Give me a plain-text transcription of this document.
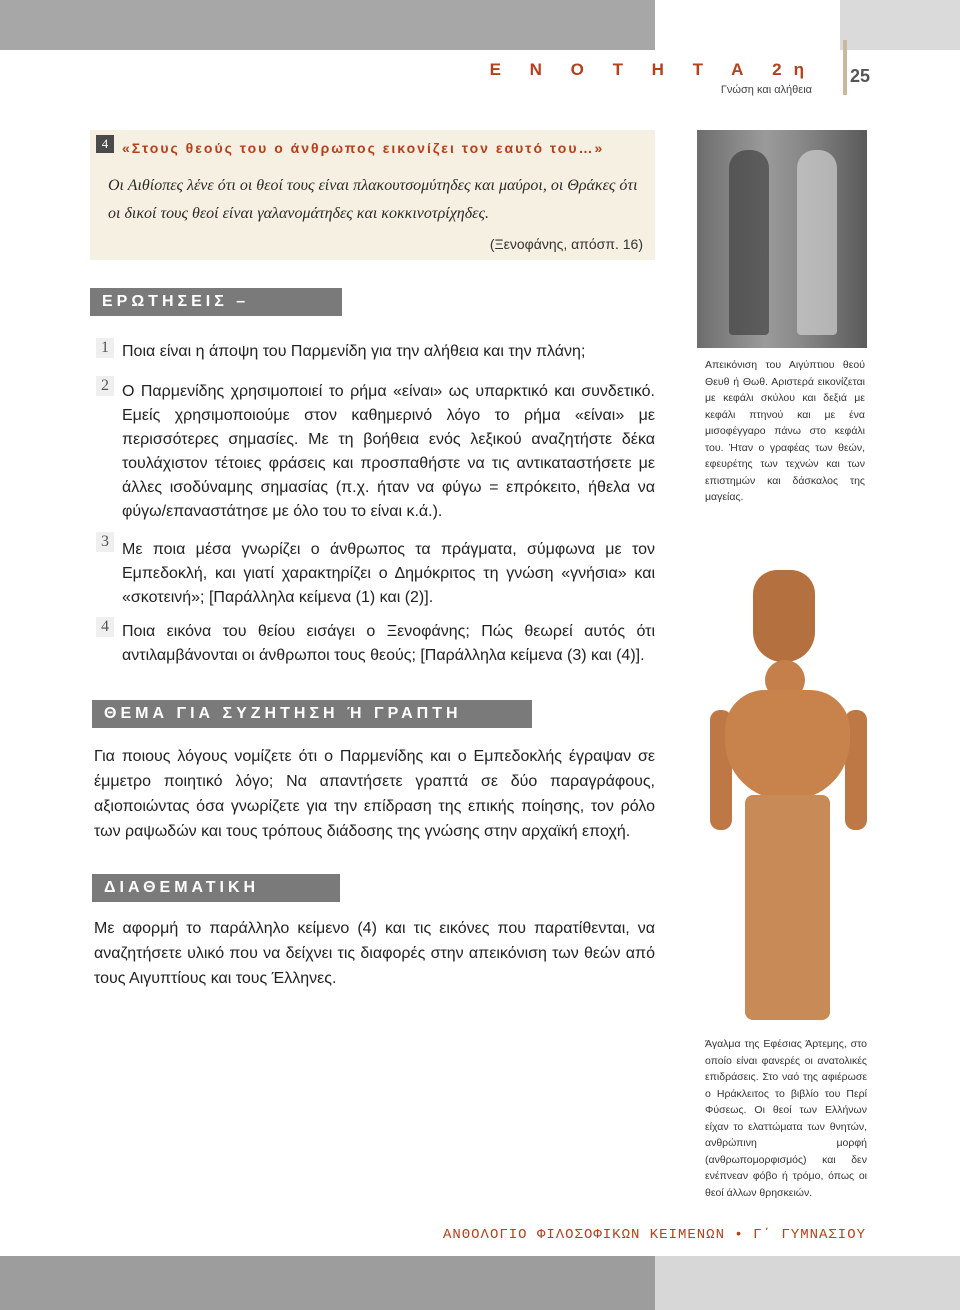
Ε Ν Ο Τ Η Τ Α 2η
Γνώση και αλήθεια
25
4 «Στους θεούς του ο άνθρωπος εικονίζει τον εαυτό του…»
Οι Αιθίοπες λένε ότι οι θεοί τους είναι πλακουτσομύτηδες και μαύροι, οι Θράκες ότι οι δικοί τους θεοί είναι γαλανομάτηδες και κοκκινοτρίχηδες.
(Ξενοφάνης, απόσπ. 16)
ΕΡΩΤΗΣΕΙΣ – ΕΡΓΑΣΙΕΣ
1 Ποια είναι η άποψη του Παρμενίδη για την αλήθεια και την πλάνη;
2 Ο Παρμενίδης χρησιμοποιεί το ρήμα «είναι» ως υπαρκτικό και συνδετικό. Εμείς χρησιμοποιούμε στον καθημερινό λόγο το ρήμα «είναι» με περισσότερες σημασίες. Με τη βοήθεια ενός λεξικού αναζητήστε δέκα τουλάχιστον τέτοιες φράσεις και προσπαθήστε να τις αντικαταστήσετε με άλλες ισοδύναμης σημασίας (π.χ. ήταν να φύγω = επρόκειτο, ήθελα να φύγω/επαναστάτησε με όλο του το είναι κ.ά.).
3 Με ποια μέσα γνωρίζει ο άνθρωπος τα πράγματα, σύμφωνα με τον Εμπεδοκλή, και γιατί χαρακτηρίζει ο Δημόκριτος τη γνώση «γνήσια» και «σκοτεινή»; [Παράλληλα κείμενα (1) και (2)].
4 Ποια εικόνα του θείου εισάγει ο Ξενοφάνης; Πώς θεωρεί αυτός ότι αντιλαμβάνονται οι άνθρωποι τους θεούς; [Παράλληλα κείμενα (3) και (4)].
ΘΕΜΑ ΓΙΑ ΣΥΖΗΤΗΣΗ Ή ΓΡΑΠΤΗ ΕΡΓΑΣΙΑ
Για ποιους λόγους νομίζετε ότι ο Παρμενίδης και ο Εμπεδοκλής έγραψαν σε έμμετρο ποιητικό λόγο; Να απαντήσετε γραπτά σε δύο παραγράφους, αξιοποιώντας όσα γνωρίζετε για την επίδραση της επικής ποίησης, τον ρόλο των ραψωδών και τους τρόπους διάδοσης της γνώσης στην αρχαϊκή εποχή.
ΔΙΑΘΕΜΑΤΙΚΗ ΕΡΓΑΣΙΑ
Με αφορμή το παράλληλο κείμενο (4) και τις εικόνες που παρατίθενται, να αναζητήσετε υλικό που να δείχνει τις διαφορές στην απεικόνιση των θεών από τους Αιγυπτίους και τους Έλληνες.
Απεικόνιση του Αιγύπτιου θεού Θευθ ή Θωθ. Αριστερά εικονίζεται με κεφάλι σκύλου και δεξιά με κεφάλι πτηνού και με ένα μισοφέγγαρο πάνω στο κεφάλι του. Ήταν ο γραφέας των θεών, εφευρέτης των τεχνών και των επιστημών και δάσκαλος της μαγείας.
Άγαλμα της Εφέσιας Άρτεμης, στο οποίο είναι φανερές οι ανατολικές επιδράσεις. Στο ναό της αφιέρωσε ο Ηράκλειτος το βιβλίο του Περί Φύσεως. Οι θεοί των Ελλήνων είχαν το ελαττώματα των θνητών, ανθρώπινη μορφή (ανθρωπομορφισμός) και δεν ενέπνεαν φόβο ή τρόμο, όπως οι θεοί άλλων θρησκειών.
ΑΝΘΟΛΟΓΙΟ ΦΙΛΟΣΟΦΙΚΩΝ ΚΕΙΜΕΝΩΝ • Γ΄ ΓΥΜΝΑΣΙΟΥ
